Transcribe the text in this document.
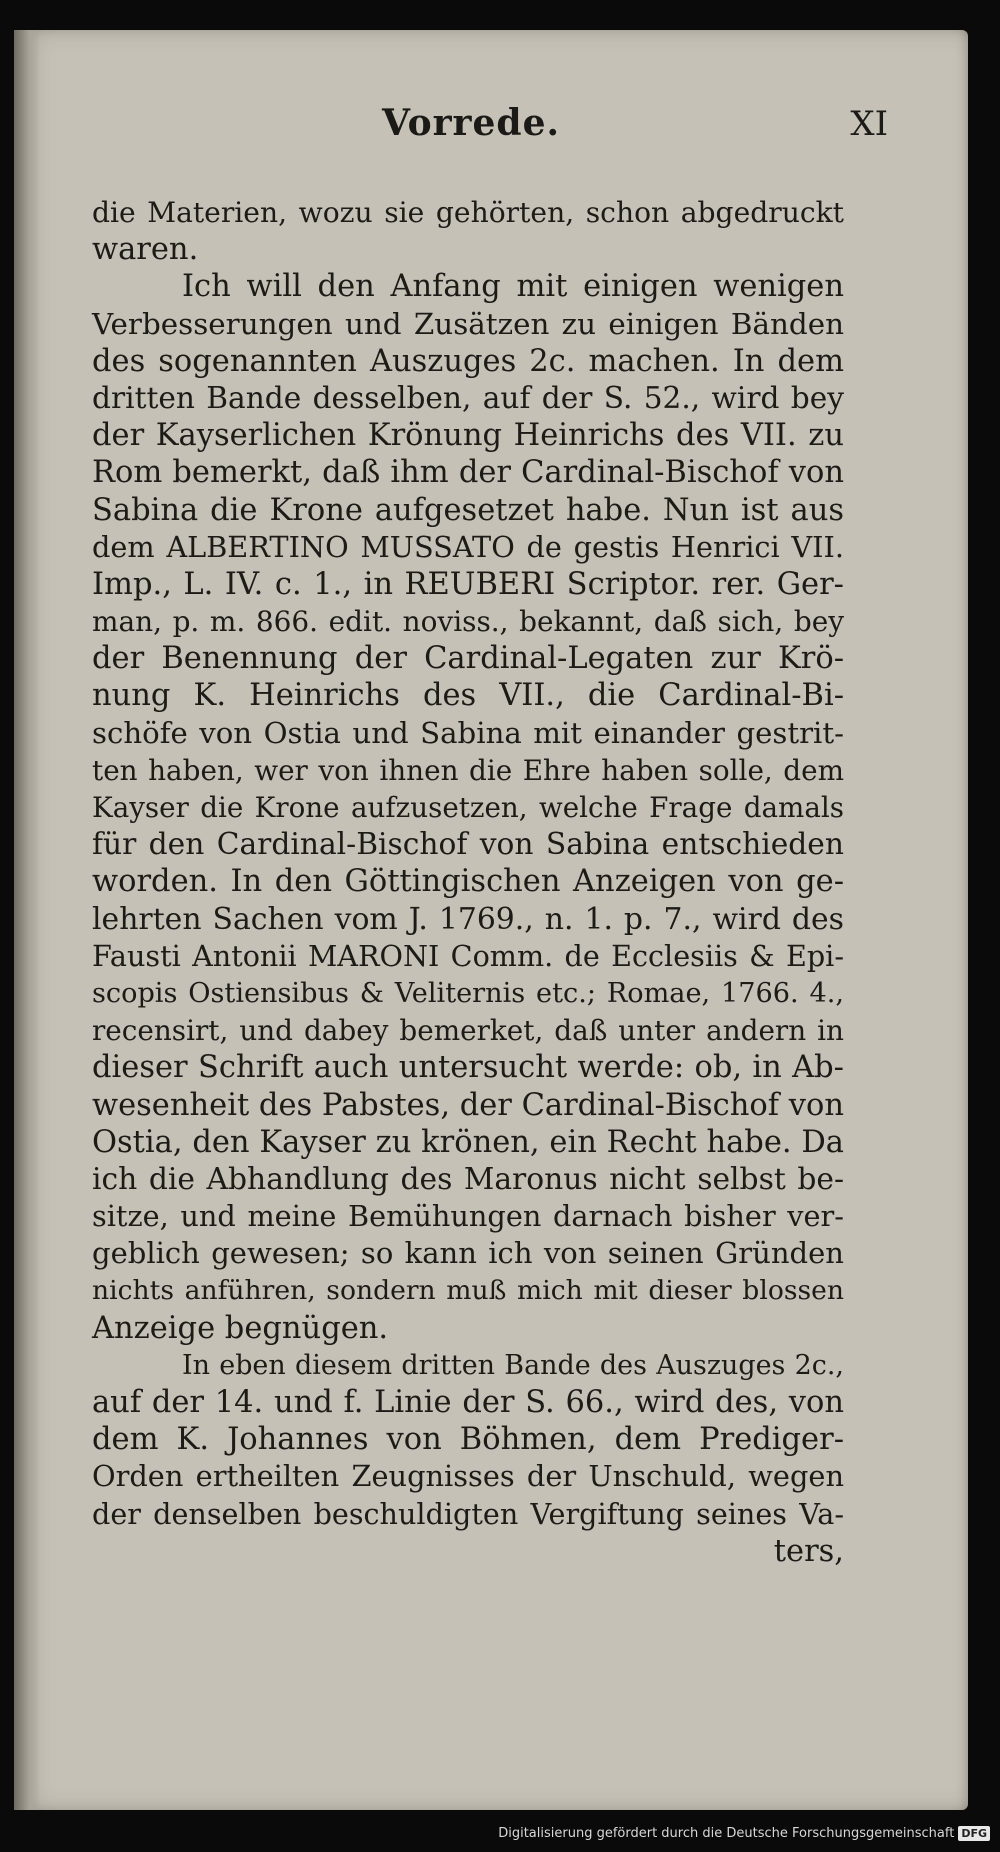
Vorrede.	XI
die Materien, wozu sie gehörten, schon abgedruckt
waren.
Ich will den Anfang mit einigen wenigen
Verbesserungen und Zusätzen zu einigen Bänden
des sogenannten Auszuges 2c. machen. In dem
dritten Bande desselben, auf der S. 52., wird bey
der Kayserlichen Krönung Heinrichs des VII. zu
Rom bemerkt, daß ihm der Cardinal-Bischof von
Sabina die Krone aufgesetzet habe. Nun ist aus
dem ALBERTINO MUSSATO de gestis Henrici VII.
Imp., L. IV. c. 1., in REUBERI Scriptor. rer. Ger-
man, p. m. 866. edit. noviss., bekannt, daß sich, bey
der Benennung der Cardinal-Legaten zur Krö-
nung K. Heinrichs des VII., die Cardinal-Bi-
schöfe von Ostia und Sabina mit einander gestrit-
ten haben, wer von ihnen die Ehre haben solle, dem
Kayser die Krone aufzusetzen, welche Frage damals
für den Cardinal-Bischof von Sabina entschieden
worden. In den Göttingischen Anzeigen von ge-
lehrten Sachen vom J. 1769., n. 1. p. 7., wird des
Fausti Antonii MARONI Comm. de Ecclesiis & Epi-
scopis Ostiensibus & Veliternis etc.; Romae, 1766. 4.,
recensirt, und dabey bemerket, daß unter andern in
dieser Schrift auch untersucht werde: ob, in Ab-
wesenheit des Pabstes, der Cardinal-Bischof von
Ostia, den Kayser zu krönen, ein Recht habe. Da
ich die Abhandlung des Maronus nicht selbst be-
sitze, und meine Bemühungen darnach bisher ver-
geblich gewesen; so kann ich von seinen Gründen
nichts anführen, sondern muß mich mit dieser blossen
Anzeige begnügen.
In eben diesem dritten Bande des Auszuges 2c.,
auf der 14. und f. Linie der S. 66., wird des, von
dem K. Johannes von Böhmen, dem Prediger-
Orden ertheilten Zeugnisses der Unschuld, wegen
der denselben beschuldigten Vergiftung seines Va-
ters,
Digitalisierung gefördert durch die Deutsche Forschungsgemeinschaft DFG
